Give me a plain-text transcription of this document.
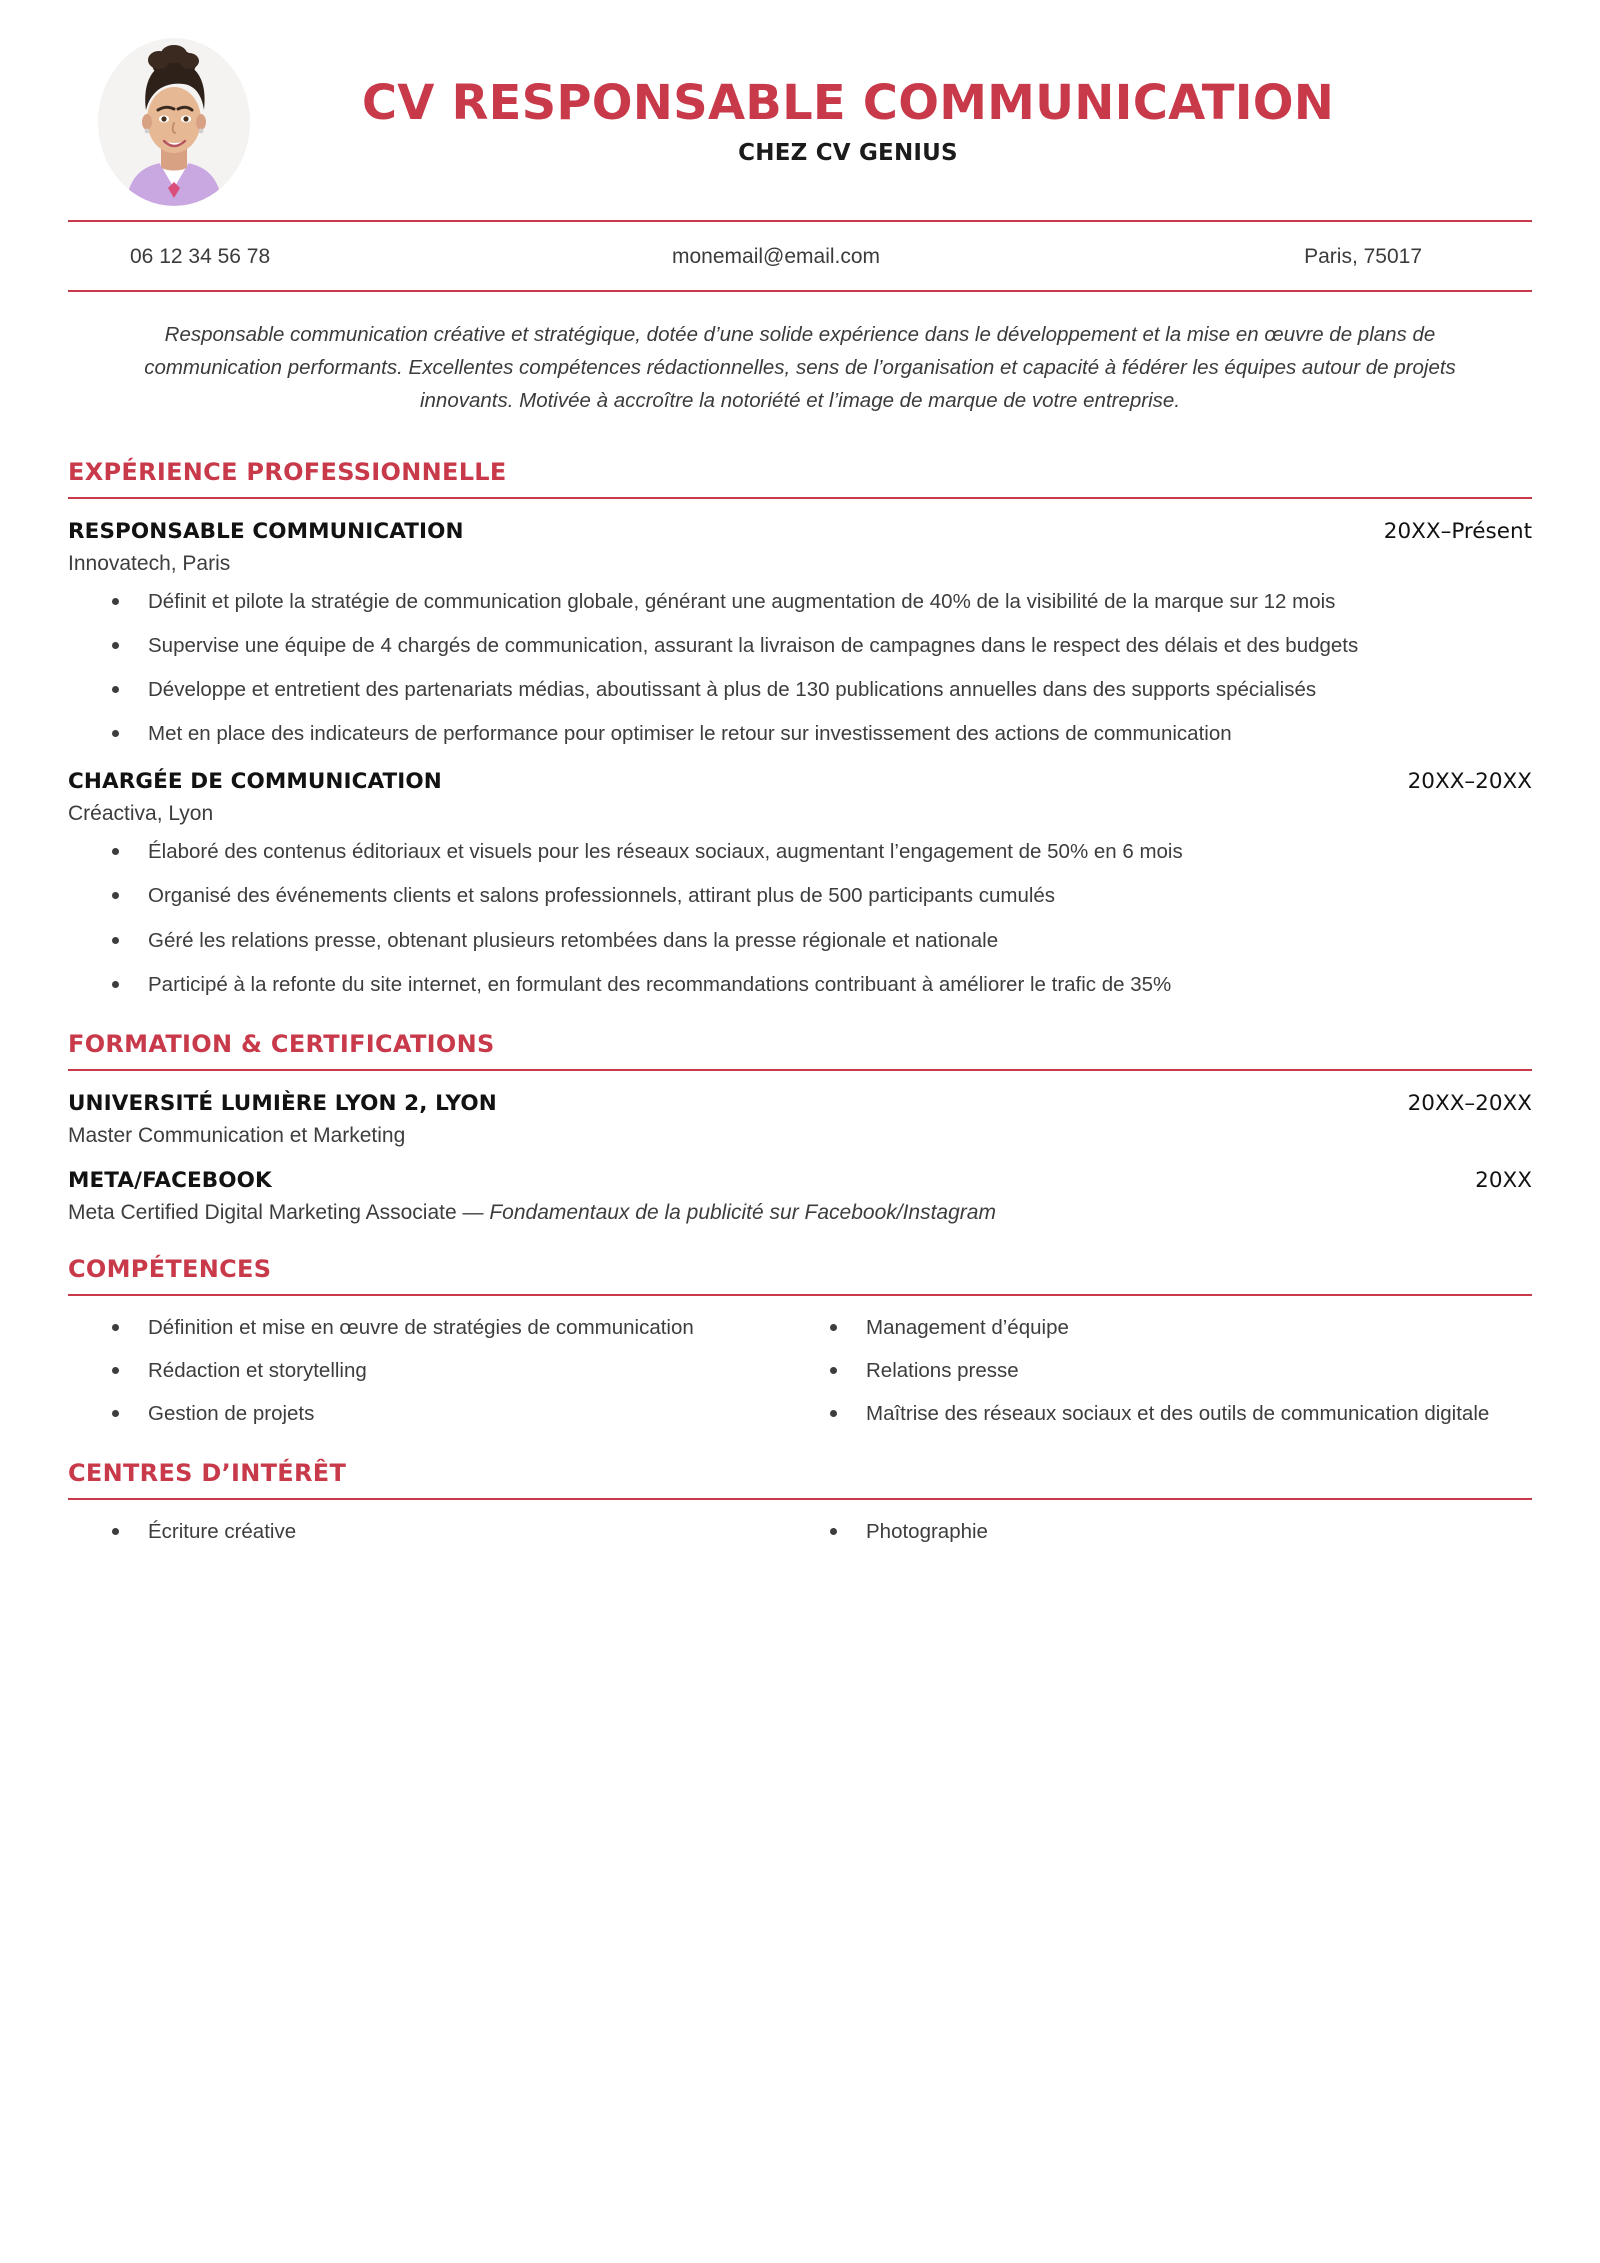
CV RESPONSABLE COMMUNICATION
CHEZ CV GENIUS
06 12 34 56 78	monemail@email.com	Paris, 75017
Responsable communication créative et stratégique, dotée d’une solide expérience dans le développement et la mise en œuvre de plans de communication performants. Excellentes compétences rédactionnelles, sens de l’organisation et capacité à fédérer les équipes autour de projets innovants. Motivée à accroître la notoriété et l’image de marque de votre entreprise.
EXPÉRIENCE PROFESSIONNELLE
RESPONSABLE COMMUNICATION	20XX–Présent
Innovatech, Paris
Définit et pilote la stratégie de communication globale, générant une augmentation de 40% de la visibilité de la marque sur 12 mois
Supervise une équipe de 4 chargés de communication, assurant la livraison de campagnes dans le respect des délais et des budgets
Développe et entretient des partenariats médias, aboutissant à plus de 130 publications annuelles dans des supports spécialisés
Met en place des indicateurs de performance pour optimiser le retour sur investissement des actions de communication
CHARGÉE DE COMMUNICATION	20XX–20XX
Créactiva, Lyon
Élaboré des contenus éditoriaux et visuels pour les réseaux sociaux, augmentant l’engagement de 50% en 6 mois
Organisé des événements clients et salons professionnels, attirant plus de 500 participants cumulés
Géré les relations presse, obtenant plusieurs retombées dans la presse régionale et nationale
Participé à la refonte du site internet, en formulant des recommandations contribuant à améliorer le trafic de 35%
FORMATION & CERTIFICATIONS
UNIVERSITÉ LUMIÈRE LYON 2, LYON	20XX–20XX
Master Communication et Marketing
META/FACEBOOK	20XX
Meta Certified Digital Marketing Associate — Fondamentaux de la publicité sur Facebook/Instagram
COMPÉTENCES
Définition et mise en œuvre de stratégies de communication
Rédaction et storytelling
Gestion de projets
Management d’équipe
Relations presse
Maîtrise des réseaux sociaux et des outils de communication digitale
CENTRES D’INTÉRÊT
Écriture créative	Photographie
